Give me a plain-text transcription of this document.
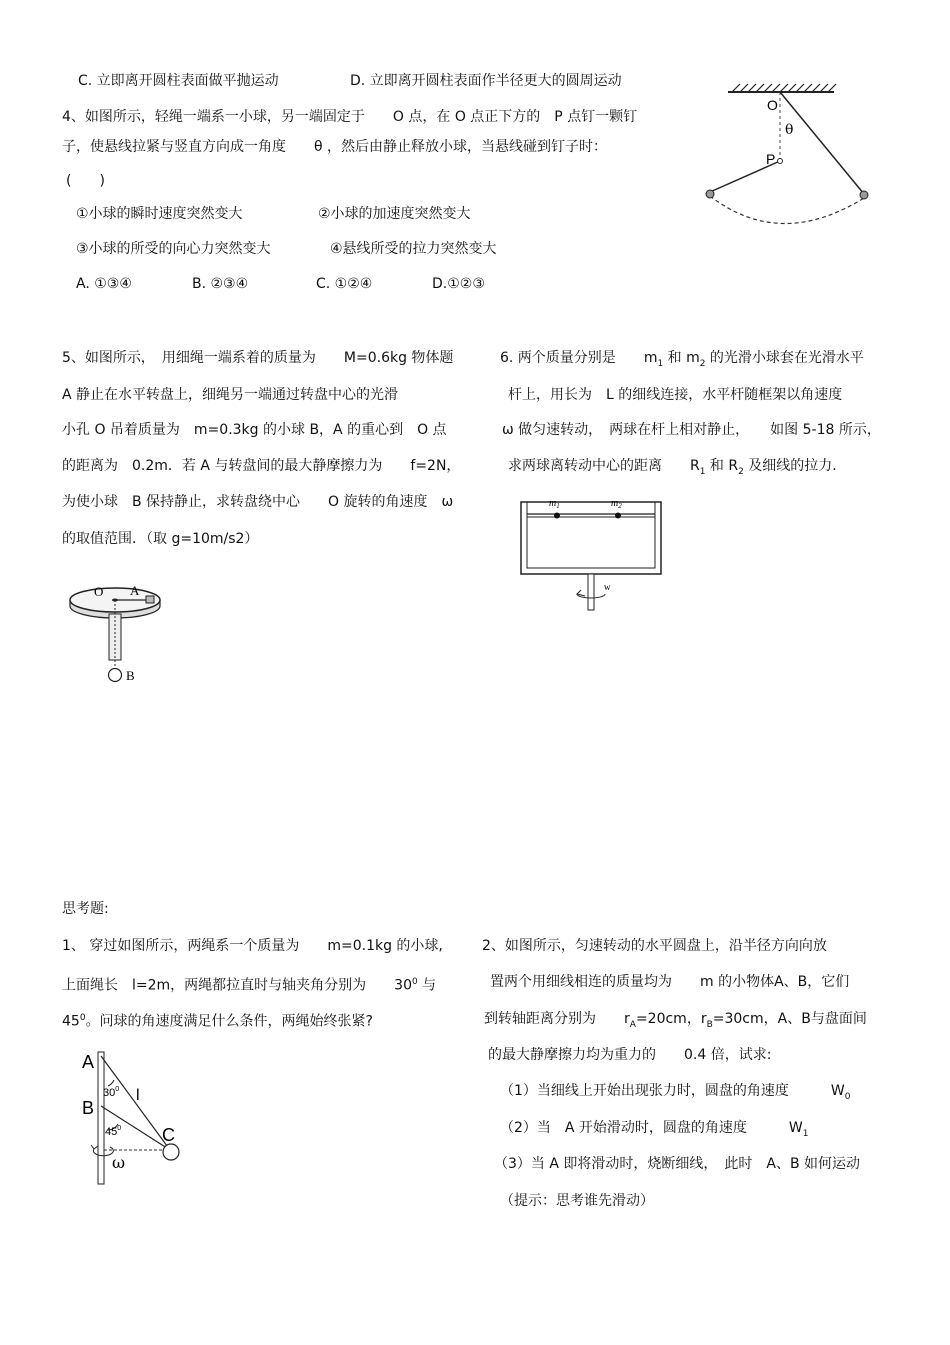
C. 立即离开圆柱表面做平抛运动	D. 立即离开圆柱表面作半径更大的圆周运动
4、如图所示，轻绳一端系一小球，另一端固定于　　O 点，在 O 点正下方的　P 点钉一颗钉
子，使悬线拉紧与竖直方向成一角度　　θ ，然后由静止释放小球，当悬线碰到钉子时：
(　　)
①小球的瞬时速度突然变大	②小球的加速度突然变大
③小球的所受的向心力突然变大	④悬线所受的拉力突然变大
A. ①③④	B. ②③④	C. ①②④	D.①②③
O
θ
P
5、如图所示，　用细绳一端系着的质量为　　M=0.6kg 物体题
A 静止在水平转盘上，细绳另一端通过转盘中心的光滑
小孔 O 吊着质量为　m=0.3kg 的小球 B，A 的重心到　O 点
的距离为　0.2m．若 A 与转盘间的最大静摩擦力为　　f=2N，
为使小球　B 保持静止，求转盘绕中心　　O 旋转的角速度　ω
的取值范围．（取 g=10m/s2）
O A
B
6. 两个质量分别是　　 $m_1$ 和 $m_2$ 的光滑小球套在光滑水平
杆上，用长为　L 的细线连接，水平杆随框架以角速度
ω 做匀速转动，　两球在杆上相对静止，　　如图 5-18 所示，
求两球离转动中心的距离　　$R_1$ 和 $R_2$ 及细线的拉力.
$m_1$	$m_2$
w
思考题:
1、 穿过如图所示，两绳系一个质量为　　m=0.1kg 的小球,
上面绳长　l=2m，两绳都拉直时与轴夹角分别为　　$30^0$ 与
$45^0$。问球的角速度满足什么条件，两绳始终张紧?
A
B
C
l
$30^0$
$45^0$
ω
2、如图所示，匀速转动的水平圆盘上，沿半径方向向放
置两个用细线相连的质量均为　　m 的小物体A、B，它们
到转轴距离分别为　　$r_A=20cm$，$r_B=30cm$，A、B与盘面间
的最大静摩擦力均为重力的　　0.4 倍，试求:
（1）当细线上开始出现张力时，圆盘的角速度　　　$W_0$
（2）当　A 开始滑动时，圆盘的角速度　　　$W_1$
（3）当 A 即将滑动时，烧断细线，　此时　A、B 如何运动
（提示：思考谁先滑动）
